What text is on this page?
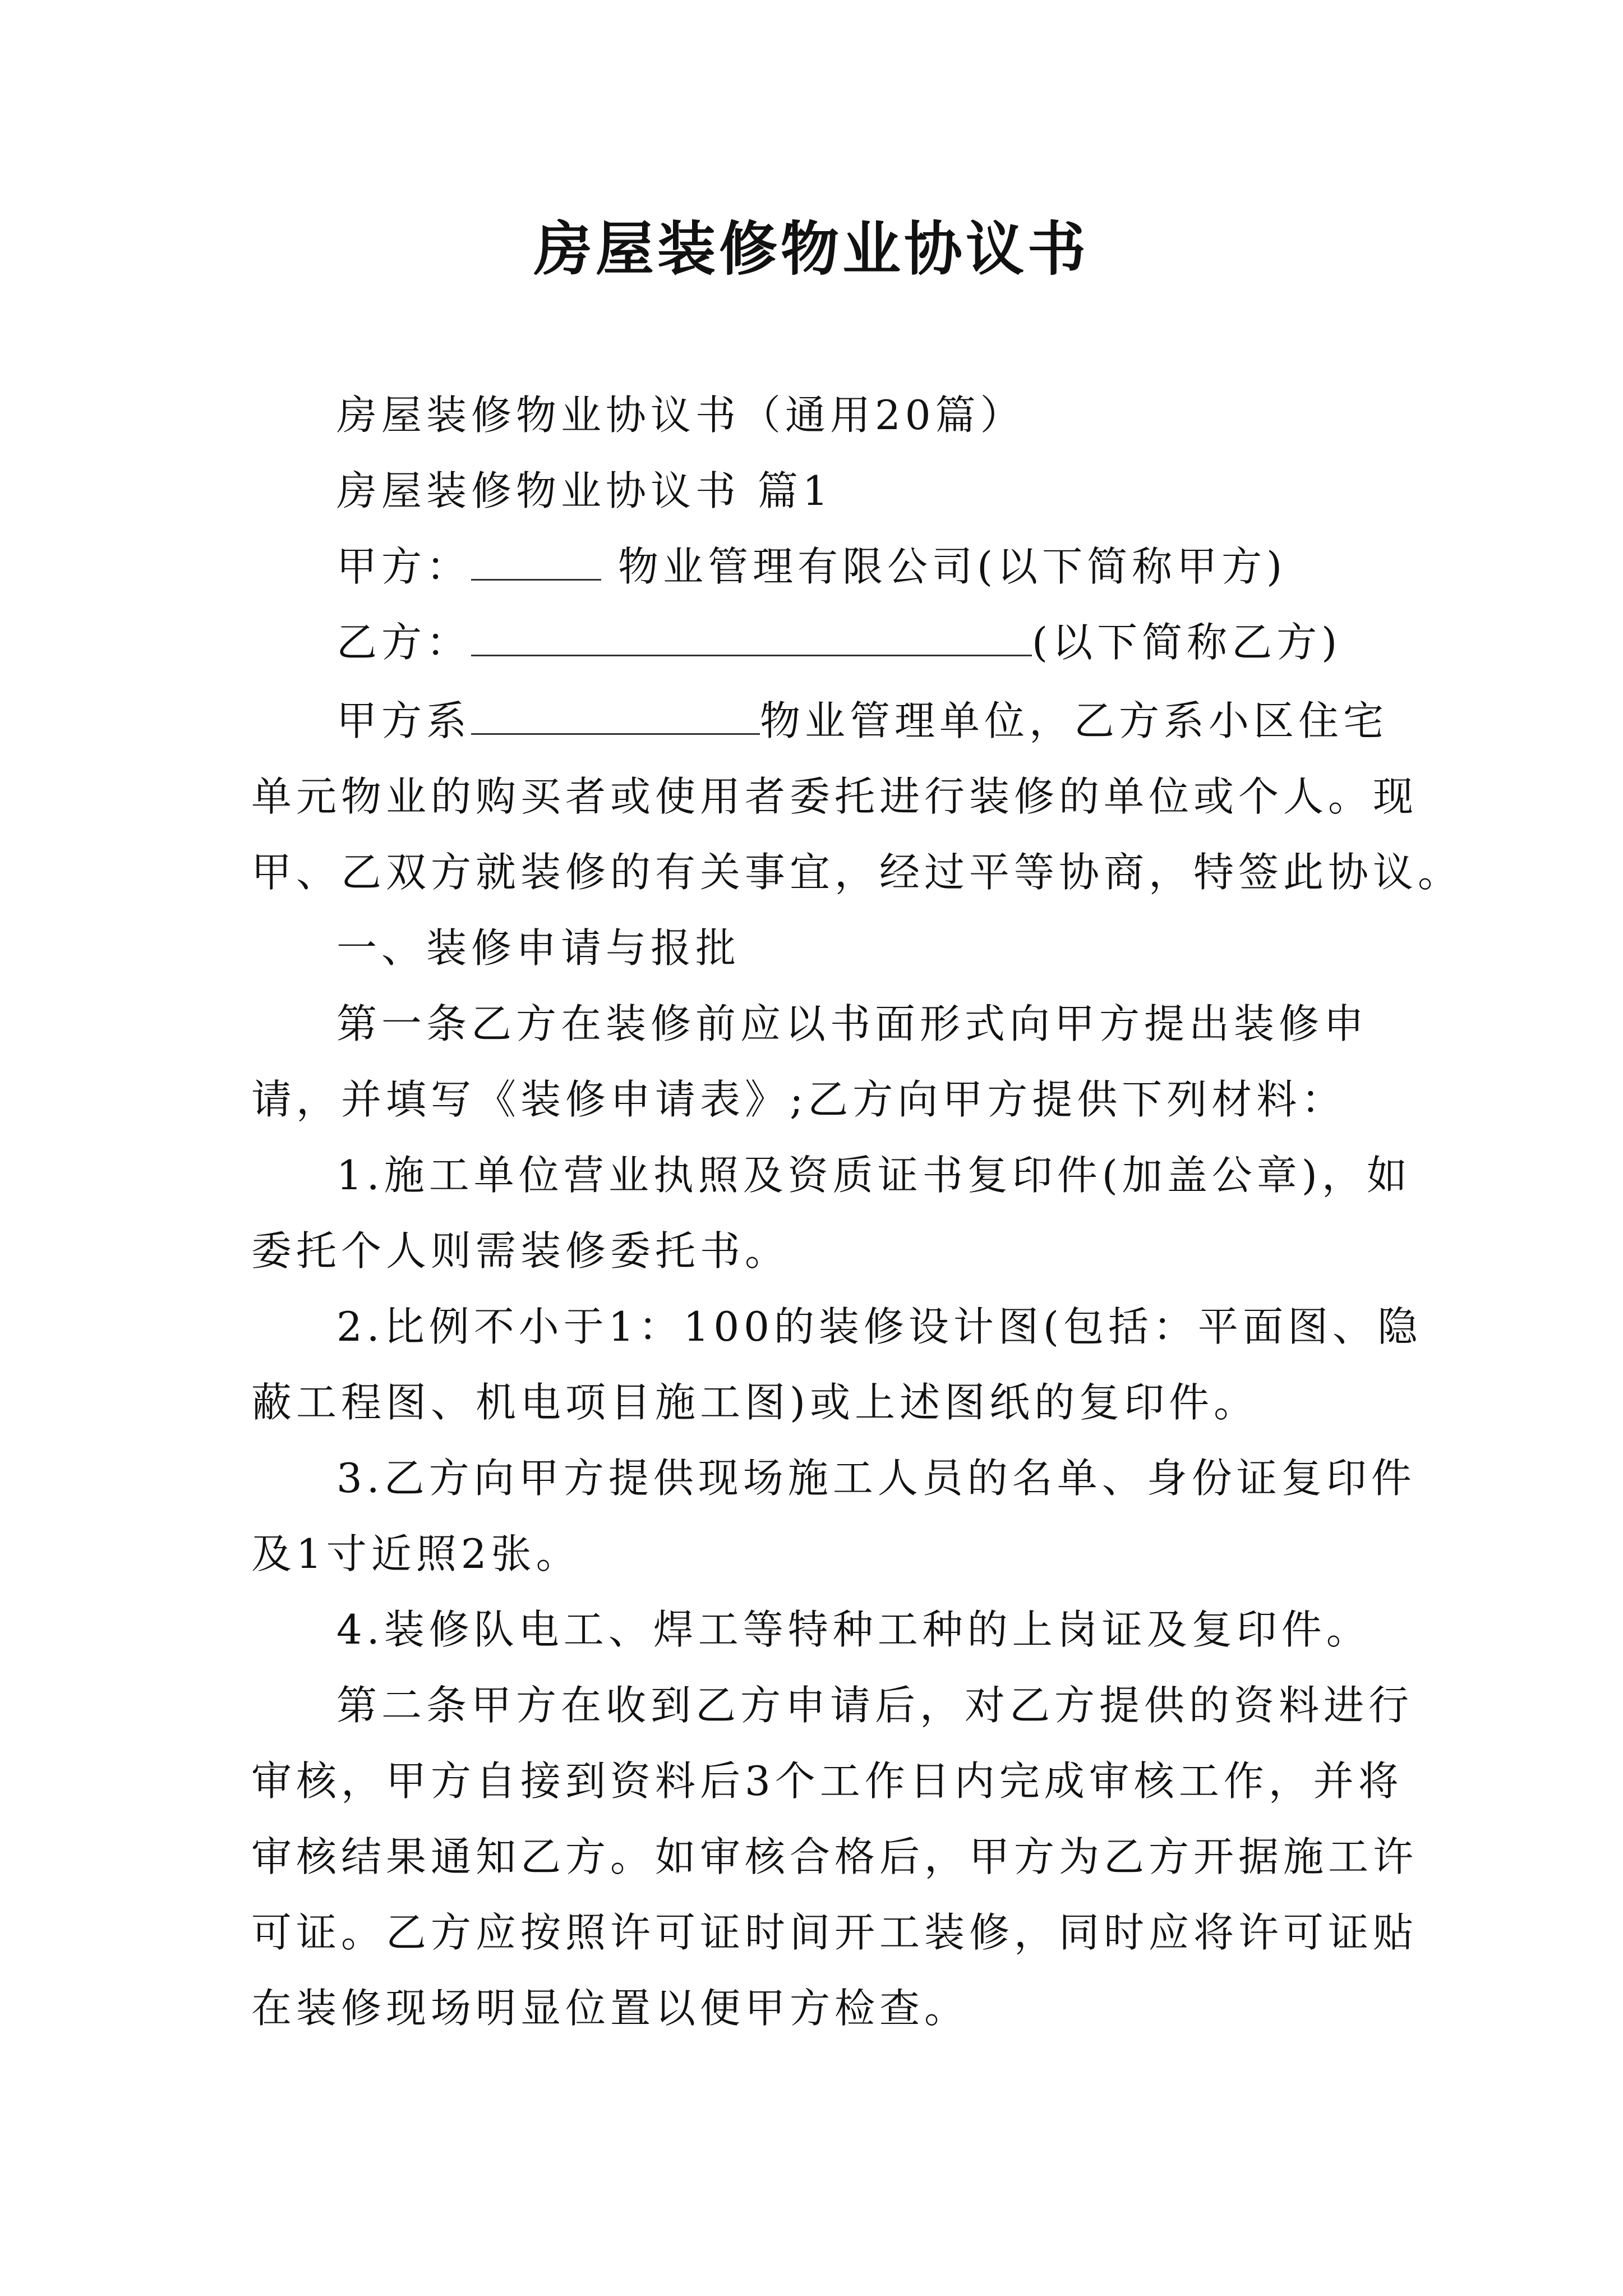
房屋装修物业协议书
房屋装修物业协议书（通用20篇）
房屋装修物业协议书 篇1
甲方：	物业管理有限公司(以下简称甲方)
乙方：	(以下简称乙方)
甲方系	物业管理单位，乙方系小区住宅
单元物业的购买者或使用者委托进行装修的单位或个人。现
甲、乙双方就装修的有关事宜，经过平等协商，特签此协议。
一、装修申请与报批
第一条乙方在装修前应以书面形式向甲方提出装修申
请，并填写《装修申请表》;乙方向甲方提供下列材料：
1.施工单位营业执照及资质证书复印件(加盖公章)，如
委托个人则需装修委托书。
2.比例不小于1：100的装修设计图(包括：平面图、隐
蔽工程图、机电项目施工图)或上述图纸的复印件。
3.乙方向甲方提供现场施工人员的名单、身份证复印件
及1寸近照2张。
4.装修队电工、焊工等特种工种的上岗证及复印件。
第二条甲方在收到乙方申请后，对乙方提供的资料进行
审核，甲方自接到资料后3个工作日内完成审核工作，并将
审核结果通知乙方。如审核合格后，甲方为乙方开据施工许
可证。乙方应按照许可证时间开工装修，同时应将许可证贴
在装修现场明显位置以便甲方检查。
